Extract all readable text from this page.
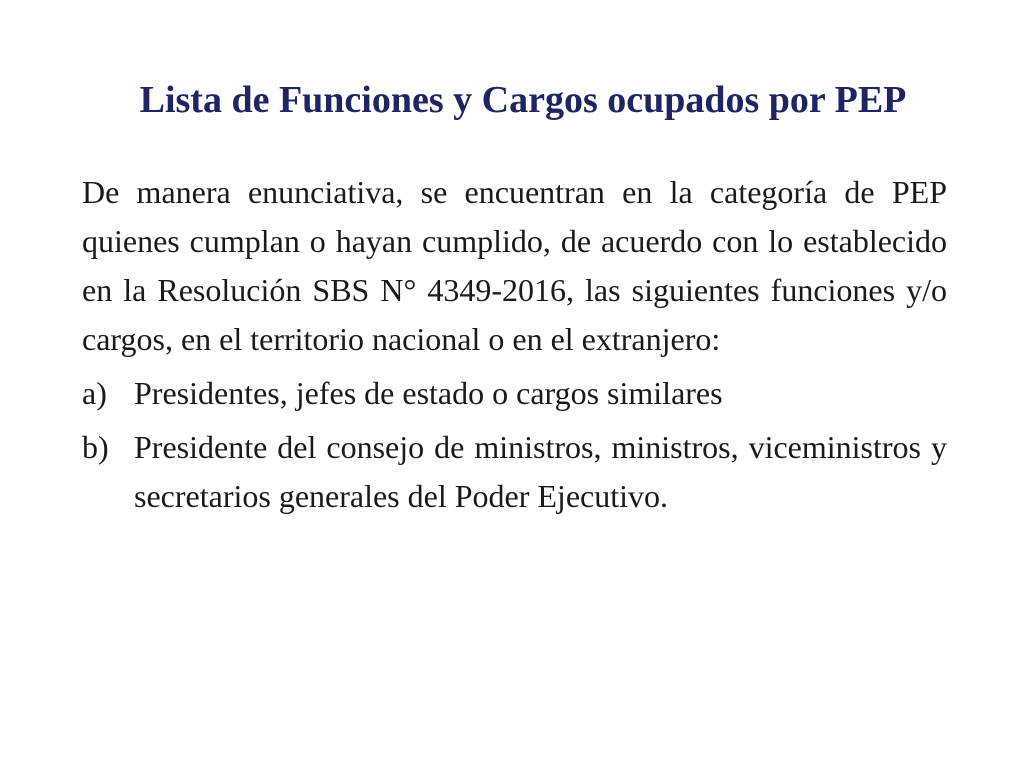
Lista de Funciones y Cargos ocupados por PEP

De manera enunciativa, se encuentran en la categoría de PEP quienes cumplan o hayan cumplido, de acuerdo con lo establecido en la Resolución SBS N° 4349-2016, las siguientes funciones y/o cargos, en el territorio nacional o en el extranjero:

a) Presidentes, jefes de estado o cargos similares
b) Presidente del consejo de ministros, ministros, viceministros y secretarios generales del Poder Ejecutivo.
